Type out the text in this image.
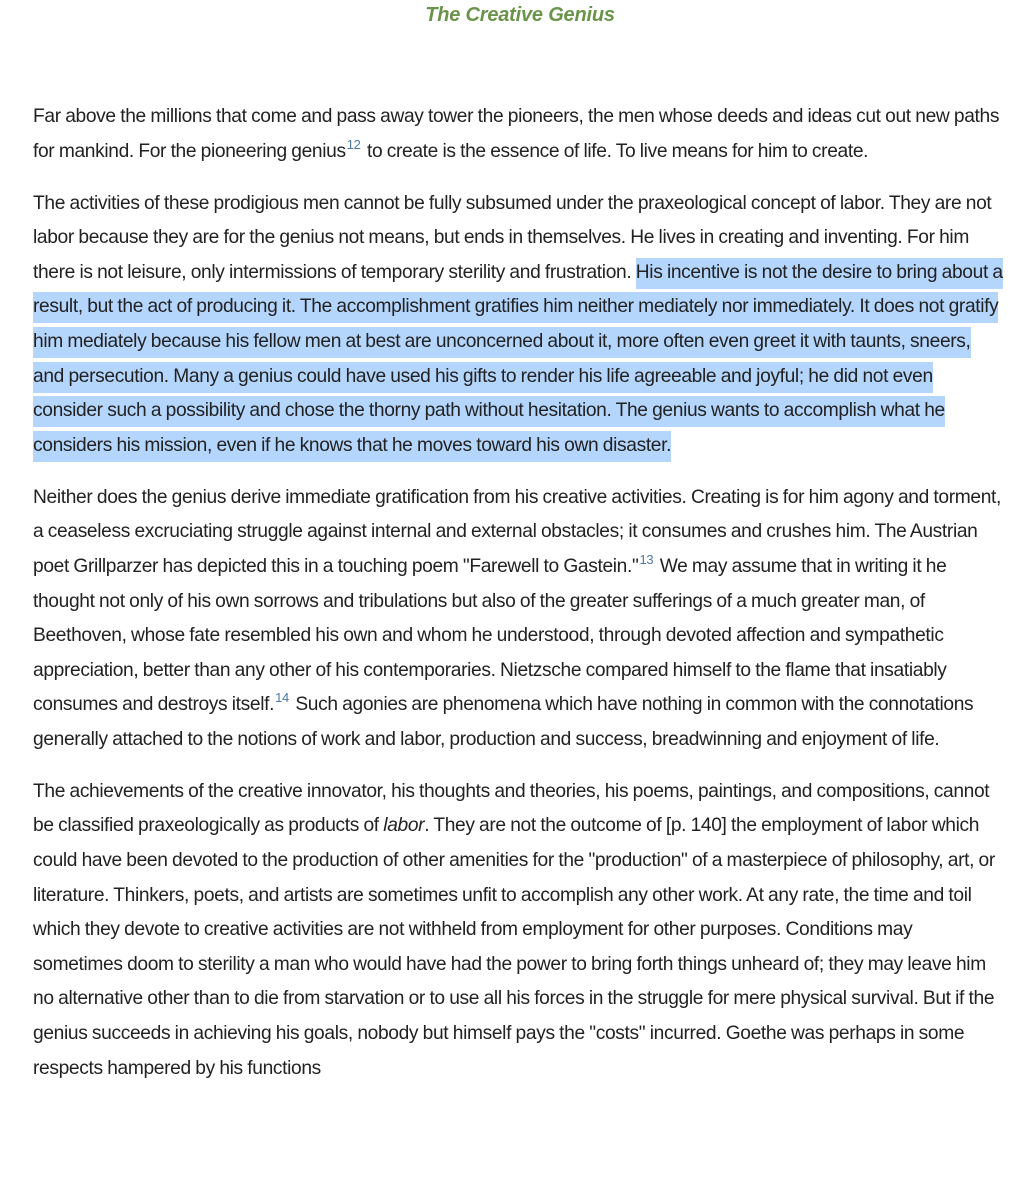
The Creative Genius

Far above the millions that come and pass away tower the pioneers, the men whose deeds and ideas cut out new paths for mankind. For the pioneering genius$^{12}$ to create is the essence of life. To live means for him to create.

The activities of these prodigious men cannot be fully subsumed under the praxeological concept of labor. They are not labor because they are for the genius not means, but ends in themselves. He lives in creating and inventing. For him there is not leisure, only intermissions of temporary sterility and frustration. His incentive is not the desire to bring about a result, but the act of producing it. The accomplishment gratifies him neither mediately nor immediately. It does not gratify him mediately because his fellow men at best are unconcerned about it, more often even greet it with taunts, sneers, and persecution. Many a genius could have used his gifts to render his life agreeable and joyful; he did not even consider such a possibility and chose the thorny path without hesitation. The genius wants to accomplish what he considers his mission, even if he knows that he moves toward his own disaster.

Neither does the genius derive immediate gratification from his creative activities. Creating is for him agony and torment, a ceaseless excruciating struggle against internal and external obstacles; it consumes and crushes him. The Austrian poet Grillparzer has depicted this in a touching poem "Farewell to Gastein."$^{13}$ We may assume that in writing it he thought not only of his own sorrows and tribulations but also of the greater sufferings of a much greater man, of Beethoven, whose fate resembled his own and whom he understood, through devoted affection and sympathetic appreciation, better than any other of his contemporaries. Nietzsche compared himself to the flame that insatiably consumes and destroys itself.$^{14}$ Such agonies are phenomena which have nothing in common with the connotations generally attached to the notions of work and labor, production and success, breadwinning and enjoyment of life.

The achievements of the creative innovator, his thoughts and theories, his poems, paintings, and compositions, cannot be classified praxeologically as products of labor. They are not the outcome of [p. 140] the employment of labor which could have been devoted to the production of other amenities for the "production" of a masterpiece of philosophy, art, or literature. Thinkers, poets, and artists are sometimes unfit to accomplish any other work. At any rate, the time and toil which they devote to creative activities are not withheld from employment for other purposes. Conditions may sometimes doom to sterility a man who would have had the power to bring forth things unheard of; they may leave him no alternative other than to die from starvation or to use all his forces in the struggle for mere physical survival. But if the genius succeeds in achieving his goals, nobody but himself pays the "costs" incurred. Goethe was perhaps in some respects hampered by his functions
